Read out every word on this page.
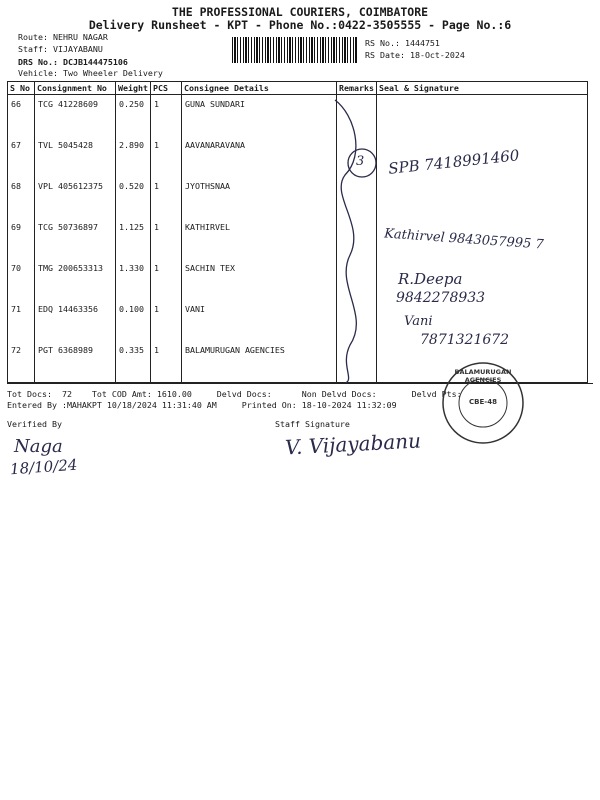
THE PROFESSIONAL COURIERS, COIMBATORE
Delivery Runsheet - KPT - Phone No.:0422-3505555 - Page No.:6
Route: NEHRU NAGAR
Staff: VIJAYABANU
DRS No.: DCJB144475106
Vehicle: Two Wheeler Delivery
RS No.: 1444751
RS Date: 18-Oct-2024
S No	Consignment No	Weight	PCS	Consignee Details	Remarks	Seal & Signature
66	TCG 41228609	0.250	1	GUNA SUNDARI		
67	TVL 5045428	2.890	1	AAVANARAVANA		
68	VPL 405612375	0.520	1	JYOTHSNAA		
69	TCG 50736897	1.125	1	KATHIRVEL		
70	TMG 200653313	1.330	1	SACHIN TEX		
71	EDQ 14463356	0.100	1	VANI		
72	PGT 6368989	0.335	1	BALAMURUGAN AGENCIES		
3 SPB 7418991460
Kathirvel 9843057995 7
R.Deepa
9842278933
Vani
7871321672
Tot Docs:  72    Tot COD Amt: 1610.00     Delvd Docs:      Non Delvd Docs:       Delvd Pts:
Entered By :MAHAKPT 10/18/2024 11:31:40 AM     Printed On: 18-10-2024 11:32:09
Verified By	Staff Signature
Naga
18/10/24
V. Vijayabanu
BALAMURUGAN AGENCIES
CBE-48
